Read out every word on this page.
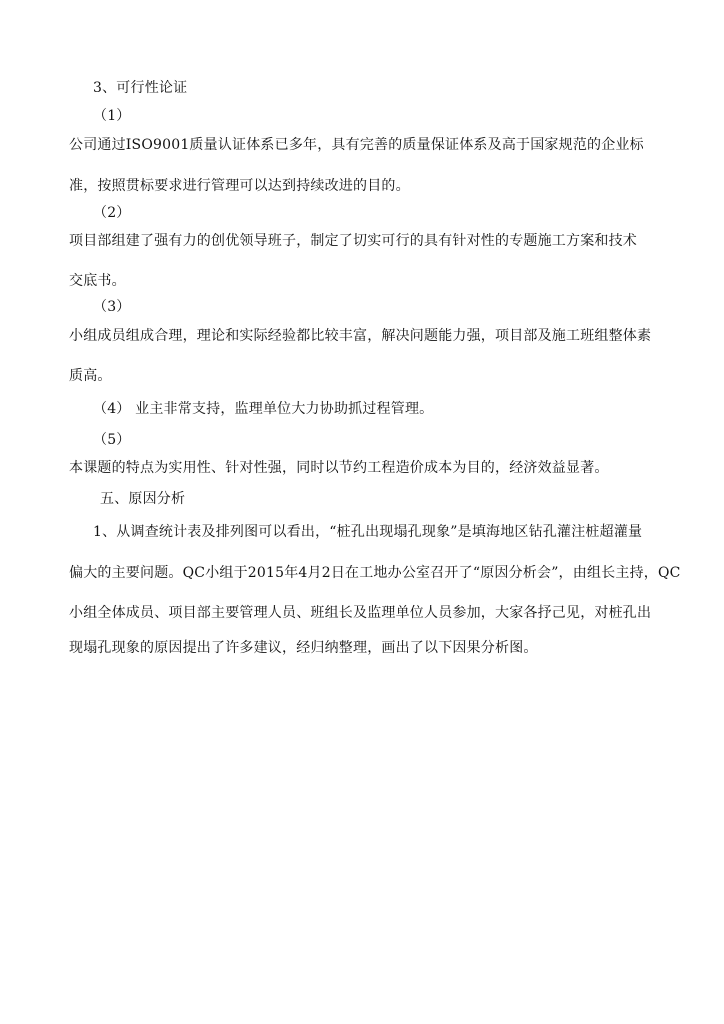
3、可行性论证
（1）
公司通过ISO9001质量认证体系已多年，具有完善的质量保证体系及高于国家规范的企业标
准，按照贯标要求进行管理可以达到持续改进的目的。
（2）
项目部组建了强有力的创优领导班子，制定了切实可行的具有针对性的专题施工方案和技术
交底书。
（3）
小组成员组成合理，理论和实际经验都比较丰富，解决问题能力强，项目部及施工班组整体素
质高。
（4） 业主非常支持，监理单位大力协助抓过程管理。
（5）
本课题的特点为实用性、针对性强，同时以节约工程造价成本为目的，经济效益显著。
五、原因分析
1、从调查统计表及排列图可以看出，“桩孔出现塌孔现象”是填海地区钻孔灌注桩超灌量
偏大的主要问题。QC小组于2015年4月2日在工地办公室召开了“原因分析会”，由组长主持，QC
小组全体成员、项目部主要管理人员、班组长及监理单位人员参加，大家各抒己见，对桩孔出
现塌孔现象的原因提出了许多建议，经归纳整理，画出了以下因果分析图。
